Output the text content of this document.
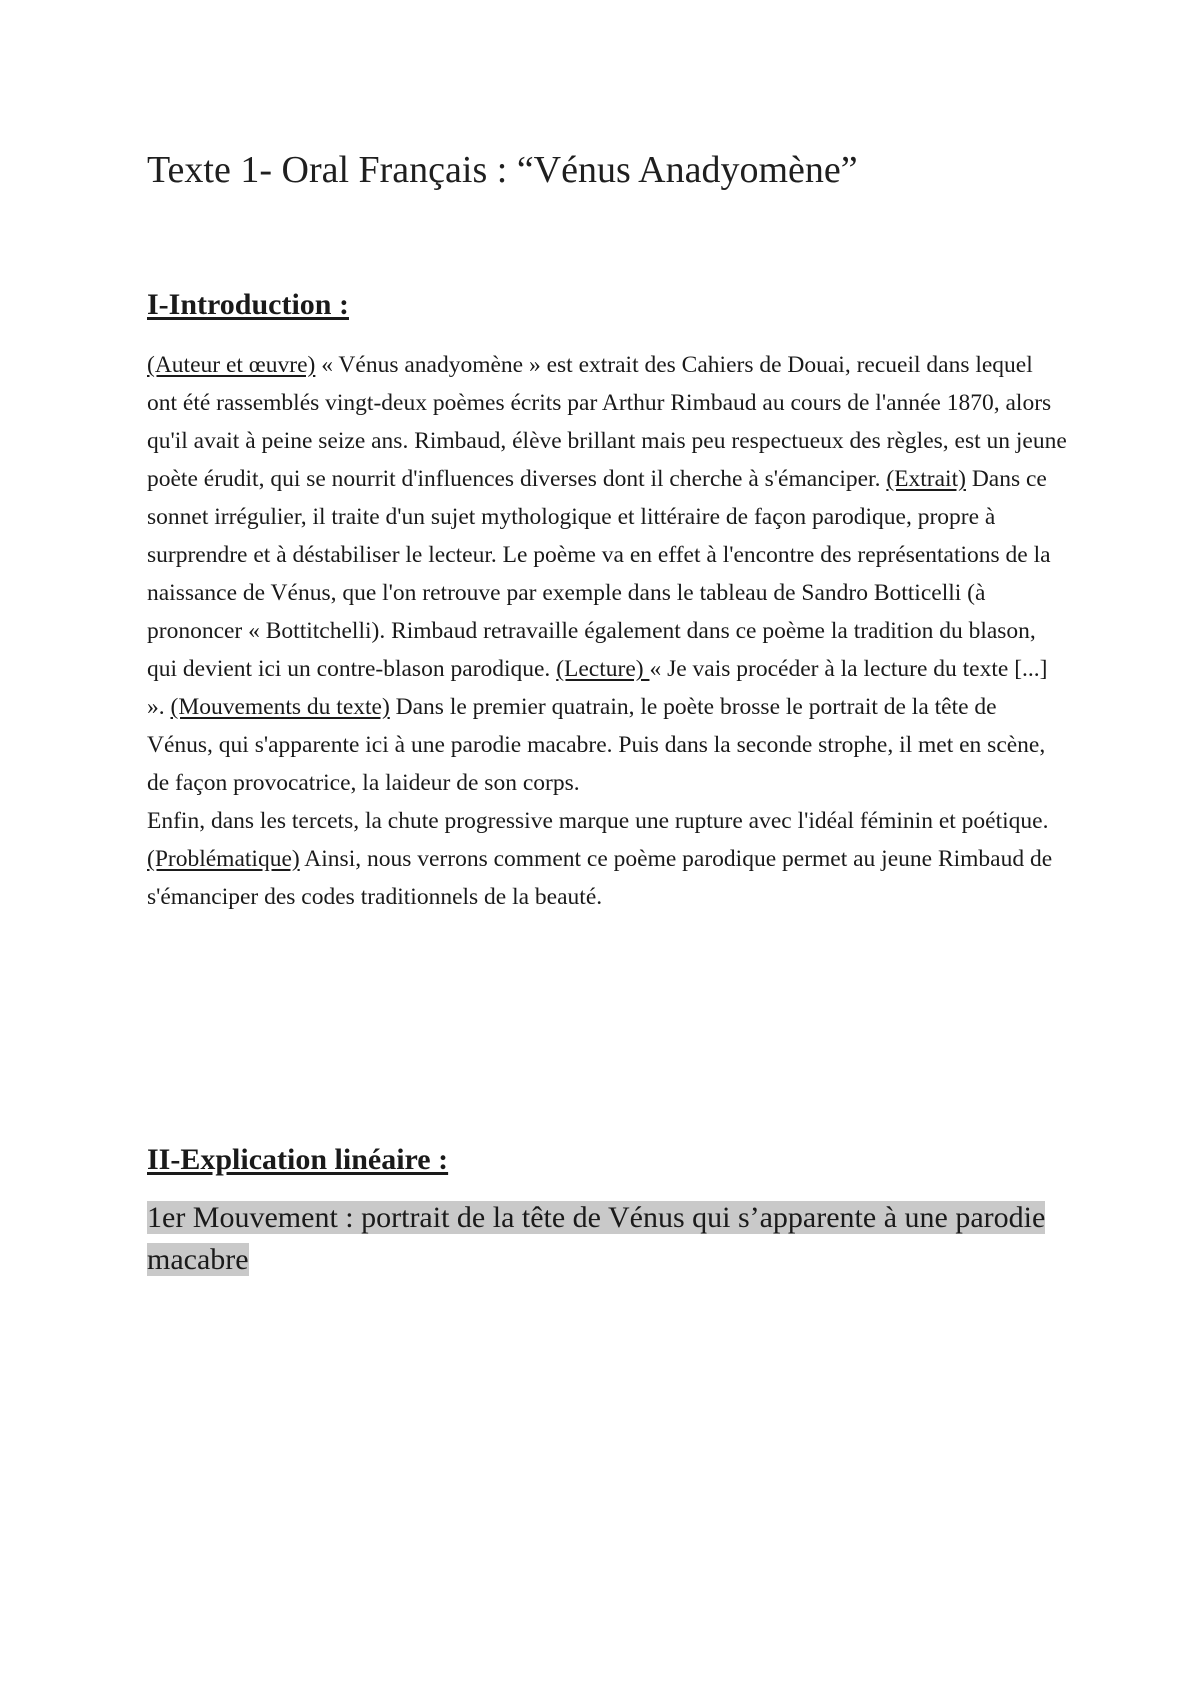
Texte 1- Oral Français : “Vénus Anadyomène”
I-Introduction :

(Auteur et œuvre) « Vénus anadyomène » est extrait des Cahiers de Douai, recueil dans lequel ont été rassemblés vingt-deux poèmes écrits par Arthur Rimbaud au cours de l'année 1870, alors qu'il avait à peine seize ans. Rimbaud, élève brillant mais peu respectueux des règles, est un jeune poète érudit, qui se nourrit d'influences diverses dont il cherche à s'émanciper. (Extrait) Dans ce sonnet irrégulier, il traite d'un sujet mythologique et littéraire de façon parodique, propre à surprendre et à déstabiliser le lecteur. Le poème va en effet à l'encontre des représentations de la naissance de Vénus, que l'on retrouve par exemple dans le tableau de Sandro Botticelli (à prononcer « Bottitchelli). Rimbaud retravaille également dans ce poème la tradition du blason, qui devient ici un contre-blason parodique. (Lecture) « Je vais procéder à la lecture du texte [...] ». (Mouvements du texte) Dans le premier quatrain, le poète brosse le portrait de la tête de Vénus, qui s'apparente ici à une parodie macabre. Puis dans la seconde strophe, il met en scène, de façon provocatrice, la laideur de son corps.

Enfin, dans les tercets, la chute progressive marque une rupture avec l'idéal féminin et poétique.

(Problématique) Ainsi, nous verrons comment ce poème parodique permet au jeune Rimbaud de s'émanciper des codes traditionnels de la beauté.

II-Explication linéaire :

1er Mouvement : portrait de la tête de Vénus qui s’apparente à une parodie macabre
